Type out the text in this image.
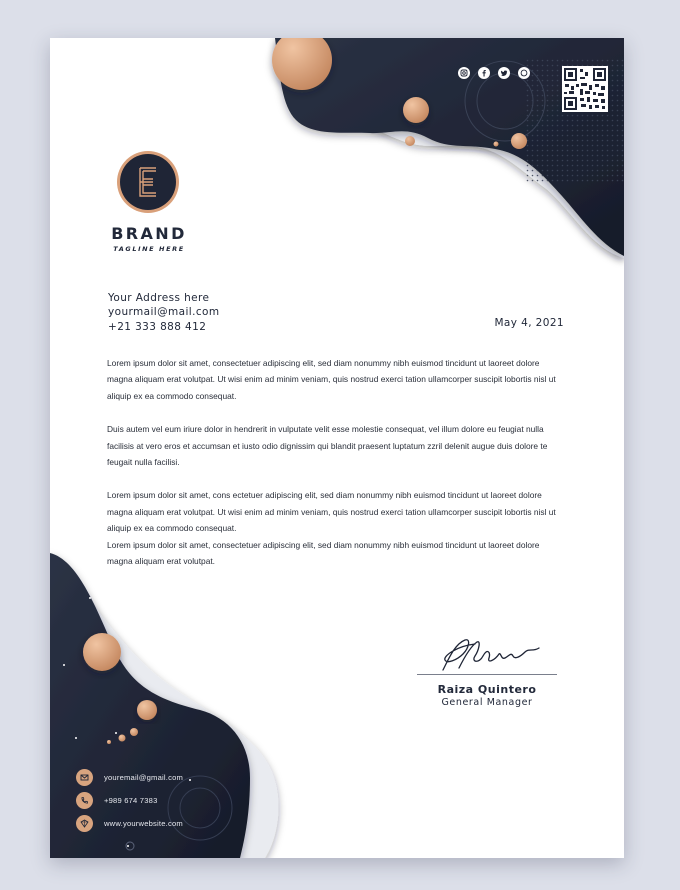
BRAND
TAGLINE HERE
Your Address here
yourmail@mail.com
+21 333 888 412	May 4, 2021

Lorem ipsum dolor sit amet, consectetuer adipiscing elit, sed diam nonummy nibh euismod tincidunt ut laoreet dolore magna aliquam erat volutpat. Ut wisi enim ad minim veniam, quis nostrud exerci tation ullamcorper suscipit lobortis nisl ut aliquip ex ea commodo consequat.

Duis autem vel eum iriure dolor in hendrerit in vulputate velit esse molestie consequat, vel illum dolore eu feugiat nulla facilisis at vero eros et accumsan et iusto odio dignissim qui blandit praesent luptatum zzril delenit augue duis dolore te feugait nulla facilisi.

Lorem ipsum dolor sit amet, cons ectetuer adipiscing elit, sed diam nonummy nibh euismod tincidunt ut laoreet dolore magna aliquam erat volutpat. Ut wisi enim ad minim veniam, quis nostrud exerci tation ullamcorper suscipit lobortis nisl ut aliquip ex ea commodo consequat.

Lorem ipsum dolor sit amet, consectetuer adipiscing elit, sed diam nonummy nibh euismod tincidunt ut laoreet dolore magna aliquam erat volutpat.

Raiza Quintero
General Manager
youremail@gmail.com
+989 674 7383
www.yourwebsite.com
